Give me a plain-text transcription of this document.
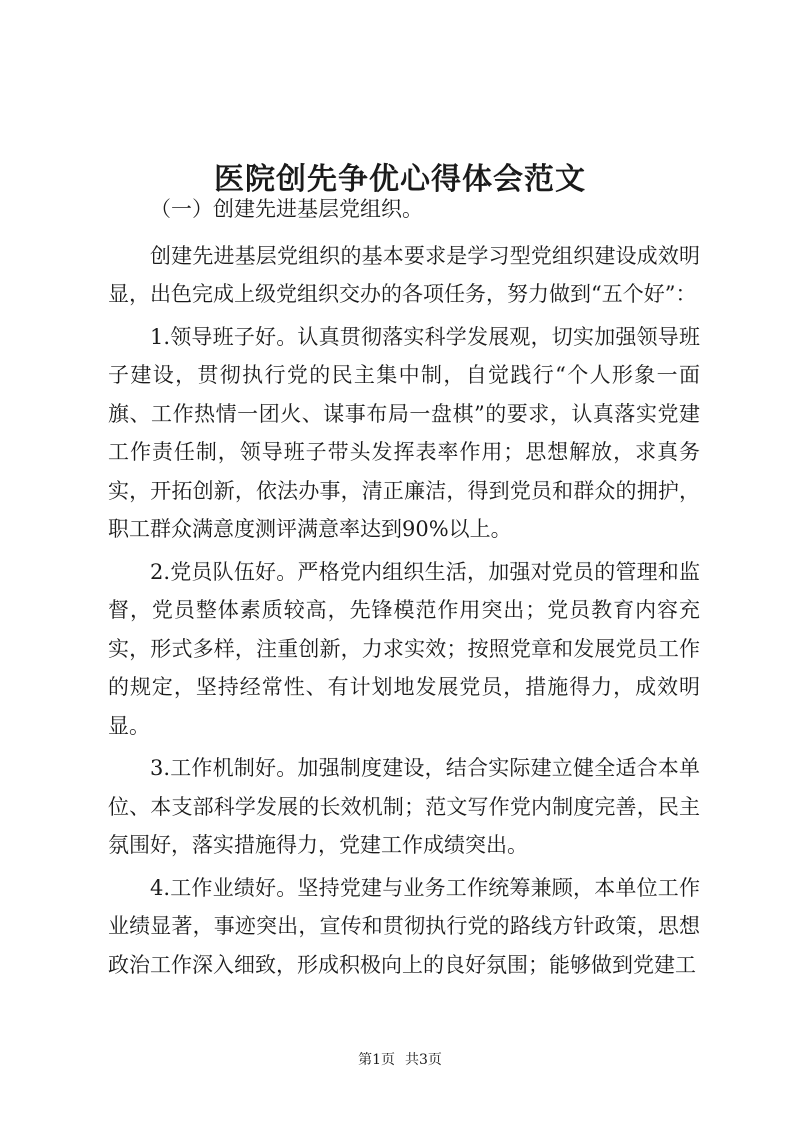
医院创先争优心得体会范文

（一）创建先进基层党组织。

创建先进基层党组织的基本要求是学习型党组织建设成效明显，出色完成上级党组织交办的各项任务，努力做到“五个好”：

1.领导班子好。认真贯彻落实科学发展观，切实加强领导班子建设，贯彻执行党的民主集中制，自觉践行“个人形象一面旗、工作热情一团火、谋事布局一盘棋”的要求，认真落实党建工作责任制，领导班子带头发挥表率作用；思想解放，求真务实，开拓创新，依法办事，清正廉洁，得到党员和群众的拥护，职工群众满意度测评满意率达到90%以上。

2.党员队伍好。严格党内组织生活，加强对党员的管理和监督，党员整体素质较高，先锋模范作用突出；党员教育内容充实，形式多样，注重创新，力求实效；按照党章和发展党员工作的规定，坚持经常性、有计划地发展党员，措施得力，成效明显。

3.工作机制好。加强制度建设，结合实际建立健全适合本单位、本支部科学发展的长效机制；范文写作党内制度完善，民主氛围好，落实措施得力，党建工作成绩突出。

4.工作业绩好。坚持党建与业务工作统筹兼顾，本单位工作业绩显著，事迹突出，宣传和贯彻执行党的路线方针政策，思想政治工作深入细致，形成积极向上的良好氛围；能够做到党建工

第1页 共3页
